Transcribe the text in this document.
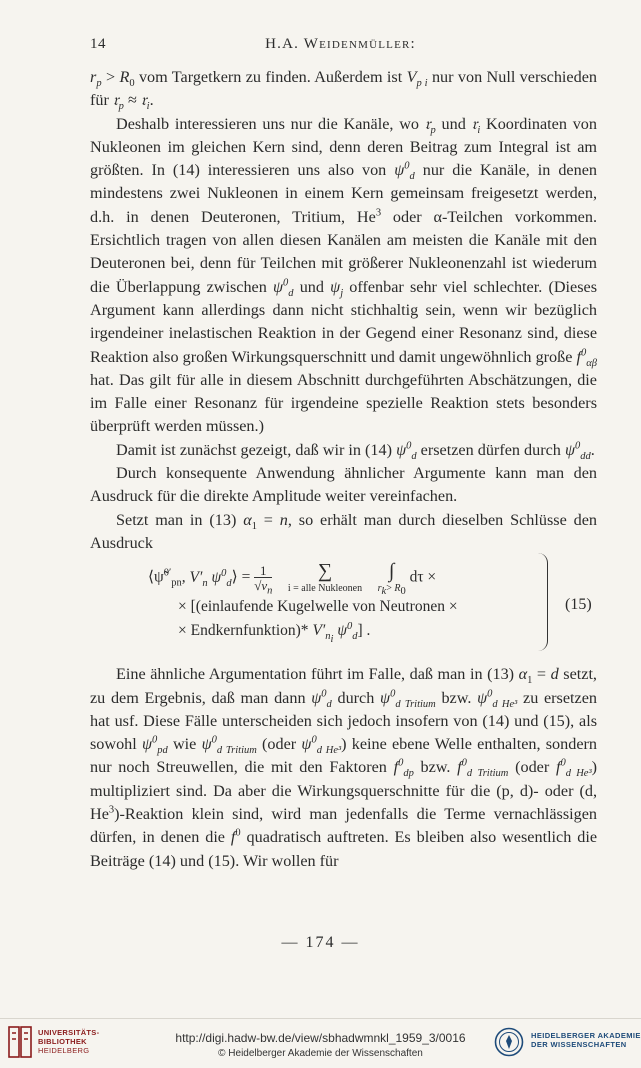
14	H.A. Weidenmüller:

$r_p > R_0$ vom Targetkern zu finden. Außerdem ist $V_{p i}$ nur von Null verschieden für 𝔯$_p$ ≈ 𝔯$_i$.

Deshalb interessieren uns nur die Kanäle, wo 𝔯$_p$ und 𝔯$_i$ Koordinaten von Nukleonen im gleichen Kern sind, denn deren Beitrag zum Integral ist am größten. In (14) interessieren uns also von $\psi^0_d$ nur die Kanäle, in denen mindestens zwei Nukleonen in einem Kern gemeinsam freigesetzt werden, d.h. in denen Deuteronen, Tritium, He$^3$ oder α-Teilchen vorkommen. Ersichtlich tragen von allen diesen Kanälen am meisten die Kanäle mit den Deuteronen bei, denn für Teilchen mit größerer Nukleonenzahl ist wiederum die Überlappung zwischen $\psi^0_d$ und $\psi_j$ offenbar sehr viel schlechter. (Dieses Argument kann allerdings dann nicht stichhaltig sein, wenn wir bezüglich irgendeiner inelastischen Reaktion in der Gegend einer Resonanz sind, diese Reaktion also großen Wirkungsquerschnitt und damit ungewöhnlich große $f^0_{\alpha\beta}$ hat. Das gilt für alle in diesem Abschnitt durchgeführten Abschätzungen, die im Falle einer Resonanz für irgendeine spezielle Reaktion stets besonders überprüft werden müssen.)

Damit ist zunächst gezeigt, daß wir in (14) $\psi^0_d$ ersetzen dürfen durch $\psi^0_{dd}$.

Durch konsequente Anwendung ähnlicher Argumente kann man den Ausdruck für die direkte Amplitude weiter vereinfachen.

Setzt man in (13) $\alpha_1 = n$, so erhält man durch dieselben Schlüsse den Ausdruck

⟨ψ̃$^{0'}_{pn}$, $V'_n$ $\psi^0_d⟩ = 1$
$√v_n$    ∑
i = alle Nukleonen    ∫
$r_k> R_0$ dτ ×
× [(einlaufende Kugelwelle von Neutronen ×
× Endkernfunktion)* $V'_{n_i}$ $\psi^0_d$] .
(15)

Eine ähnliche Argumentation führt im Falle, daß man in (13) $\alpha_1 = d$ setzt, zu dem Ergebnis, daß man dann $\psi^0_d$ durch $\psi^0_{d Tritium}$ bzw. $\psi^0_{d He^3}$ zu ersetzen hat usf. Diese Fälle unterscheiden sich jedoch insofern von (14) und (15), als sowohl $\psi^0_{pd}$ wie $\psi^0_{d Tritium}$ (oder $\psi^0_{d He^3}$) keine ebene Welle enthalten, sondern nur noch Streuwellen, die mit den Faktoren $f^0_{dp}$ bzw. $f^0_{d Tritium}$ (oder $f^0_{d He^3}$) multipliziert sind. Da aber die Wirkungsquerschnitte für die (p, d)- oder (d, He$^3$)-Reaktion klein sind, wird man jedenfalls die Terme vernachlässigen dürfen, in denen die $f^0$ quadratisch auftreten. Es bleiben also wesentlich die Beiträge (14) und (15). Wir wollen für

— 174 —
UNIVERSITÄTS-
BIBLIOTHEK
HEIDELBERG
http://digi.hadw-bw.de/view/sbhadwmnkl_1959_3/0016
© Heidelberger Akademie der Wissenschaften
HEIDELBERGER AKADEMIE
DER WISSENSCHAFTEN
